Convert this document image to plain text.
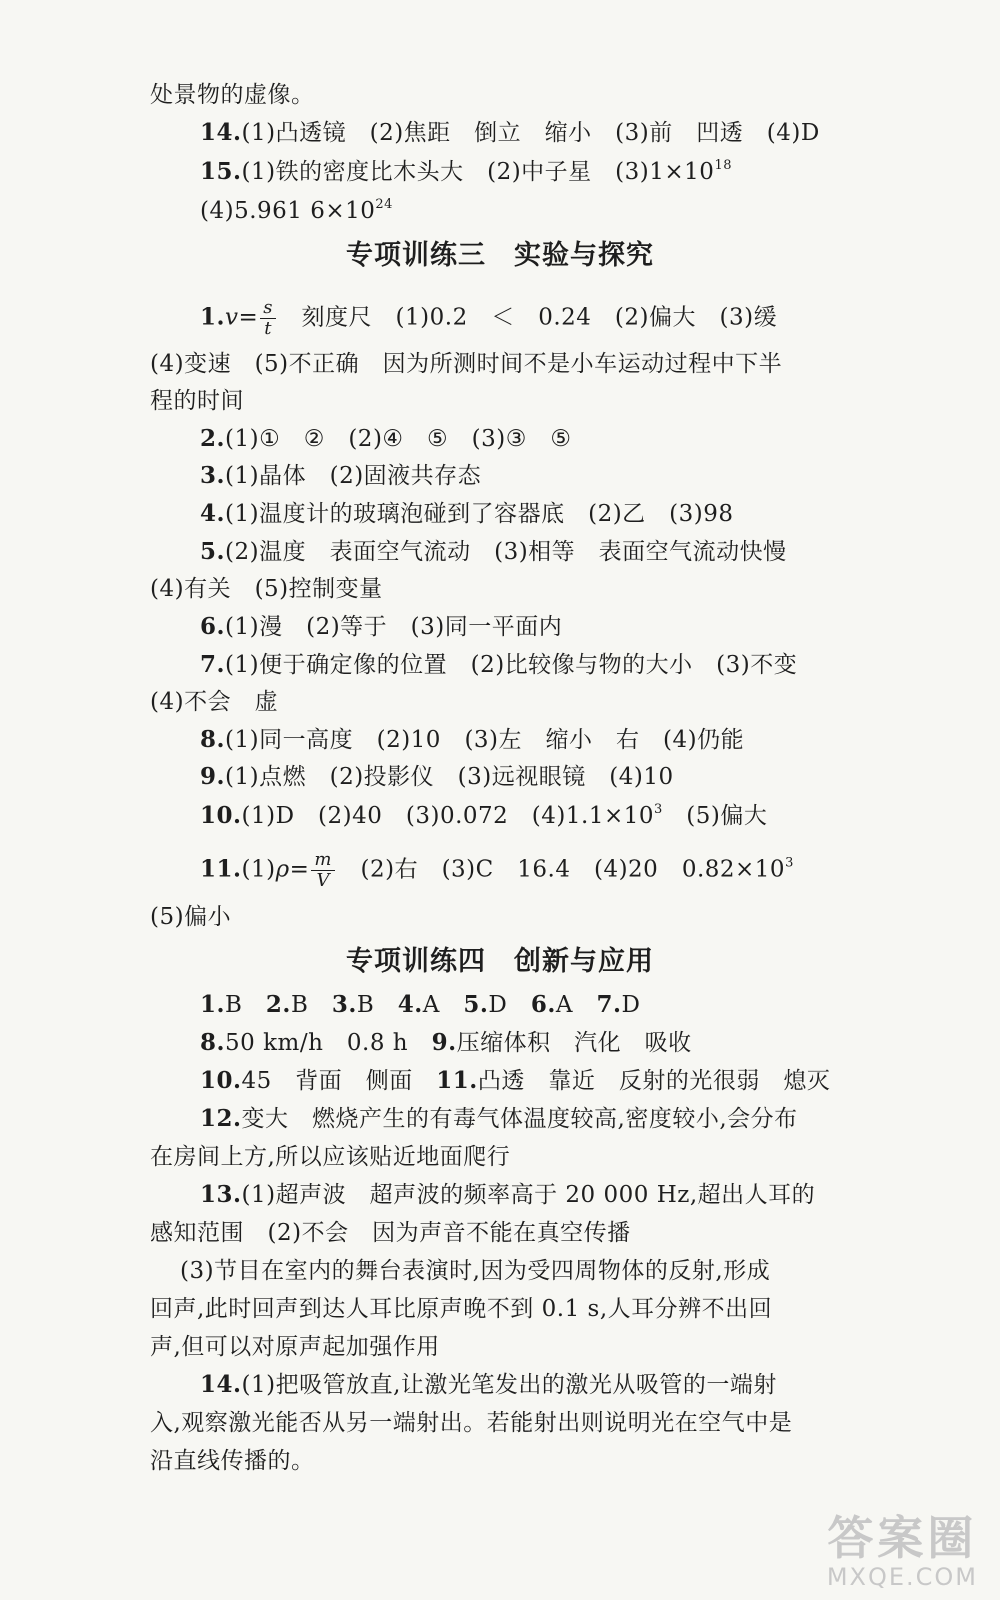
处景物的虚像。
14.(1)凸透镜　(2)焦距　倒立　缩小　(3)前　凹透　(4)D
15.(1)铁的密度比木头大　(2)中子星　$(3)1\times 10^{18}$
(4)5.961 $6\times 10^{24}$
专项训练三　实验与探究
$1.v= \frac{s}{t}$ 　刻度尺　(1)0.2　＜　0.24　(2)偏大　(3)缓
(4)变速　(5)不正确　因为所测时间不是小车运动过程中下半
程的时间
2.(1)①　②　(2)④　⑤　(3)③　⑤
3.(1)晶体　(2)固液共存态
4.(1)温度计的玻璃泡碰到了容器底　(2)乙　(3)98
5.(2)温度　表面空气流动　(3)相等　表面空气流动快慢
(4)有关　(5)控制变量
6.(1)漫　(2)等于　(3)同一平面内
7.(1)便于确定像的位置　(2)比较像与物的大小　(3)不变
(4)不会　虚
8.(1)同一高度　(2)10　(3)左　缩小　右　(4)仍能
9.(1)点燃　(2)投影仪　(3)远视眼镜　(4)10
10.(1)D　(2)40　(3)0.072　$(4)1.1\times 10^3$　(5)偏大
$11.(1)\rho= \frac{m}{V}$ 　(2)右　(3)C　16.4　(4)20　$0.82\times 10^3$
(5)偏小
专项训练四　创新与应用
1.B　2.B　3.B　4.A　5.D　6.A　7.D
8.50 km/h　0.8 h　9.压缩体积　汽化　吸收
10.45　背面　侧面　11.凸透　靠近　反射的光很弱　熄灭
12.变大　燃烧产生的有毒气体温度较高,密度较小,会分布
在房间上方,所以应该贴近地面爬行
13.(1)超声波　超声波的频率高于 20 000 Hz,超出人耳的
感知范围　(2)不会　因为声音不能在真空传播
(3)节目在室内的舞台表演时,因为受四周物体的反射,形成
回声,此时回声到达人耳比原声晚不到 0.1 s,人耳分辨不出回
声,但可以对原声起加强作用
14.(1)把吸管放直,让激光笔发出的激光从吸管的一端射
入,观察激光能否从另一端射出。若能射出则说明光在空气中是
沿直线传播的。
答案圈
MXQE.COM
